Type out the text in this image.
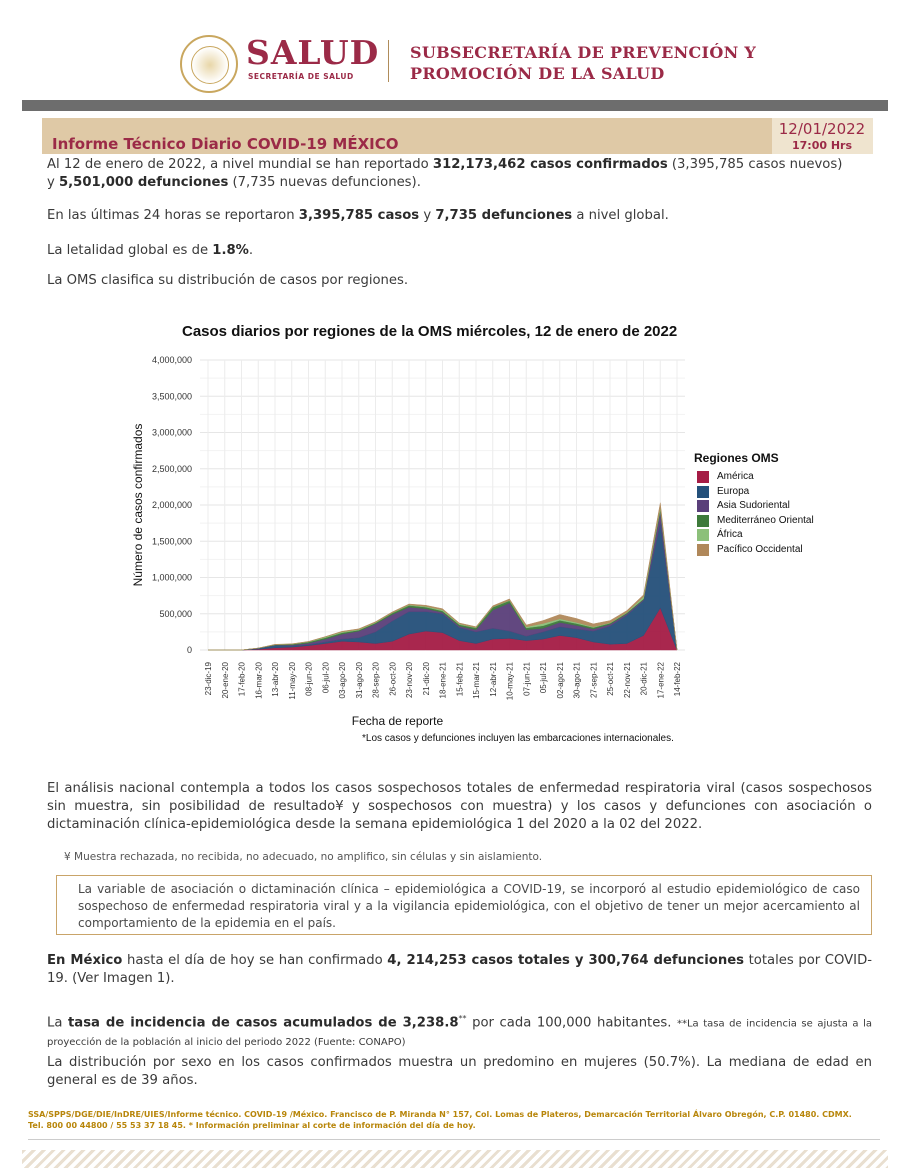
SALUD
SECRETARÍA DE SALUD
SUBSECRETARÍA DE PREVENCIÓN Y
PROMOCIÓN DE LA SALUD
Informe Técnico Diario COVID-19 MÉXICO
12/01/2022
17:00 Hrs
Al 12 de enero de 2022, a nivel mundial se han reportado 312,173,462 casos confirmados (3,395,785 casos nuevos)
y 5,501,000 defunciones (7,735 nuevas defunciones).
En las últimas 24 horas se reportaron 3,395,785 casos y 7,735 defunciones a nivel global.
La letalidad global es de 1.8%.
La OMS clasifica su distribución de casos por regiones.
Casos diarios por regiones de la OMS miércoles, 12 de enero de 2022
0
500,000
1,000,000
1,500,000
2,000,000
2,500,000
3,000,000
3,500,000
4,000,000
23-dic-19 20-ene-20 17-feb-20 16-mar-20 13-abr-20 11-may-20 08-jun-20 06-jul-20 03-ago-20 31-ago-20 28-sep-20 26-oct-20 23-nov-20 21-dic-20 18-ene-21 15-feb-21 15-mar-21 12-abr-21 10-may-21 07-jun-21 05-jul-21 02-ago-21 30-ago-21 27-sep-21 25-oct-21 22-nov-21 20-dic-21 17-ene-22 14-feb-22
Número de casos confirmados
Fecha de reporte
Regiones OMS
América
Europa
Asia Sudoriental
Mediterráneo Oriental
África
Pacífico Occidental
*Los casos y defunciones incluyen las embarcaciones internacionales.
El análisis nacional contempla a todos los casos sospechosos totales de enfermedad respiratoria viral (casos sospechosos sin muestra, sin posibilidad de resultado¥ y sospechosos con muestra) y los casos y defunciones con asociación o dictaminación clínica-epidemiológica desde la semana epidemiológica 1 del 2020 a la 02 del 2022.
¥ Muestra rechazada, no recibida, no adecuado, no amplifico, sin células y sin aislamiento.
La variable de asociación o dictaminación clínica – epidemiológica a COVID-19, se incorporó al estudio epidemiológico de caso sospechoso de enfermedad respiratoria viral y a la vigilancia epidemiológica, con el objetivo de tener un mejor acercamiento al comportamiento de la epidemia en el país.
En México hasta el día de hoy se han confirmado 4, 214,253 casos totales y 300,764 defunciones totales por COVID-19. (Ver Imagen 1).
La tasa de incidencia de casos acumulados de 3,238.8** por cada 100,000 habitantes. **La tasa de incidencia se ajusta a la proyección de la población al inicio del periodo 2022 (Fuente: CONAPO)
La distribución por sexo en los casos confirmados muestra un predomino en mujeres (50.7%). La mediana de edad en general es de 39 años.
SSA/SPPS/DGE/DIE/InDRE/UIES/Informe técnico. COVID-19 /México. Francisco de P. Miranda N° 157, Col. Lomas de Plateros, Demarcación Territorial Álvaro Obregón, C.P. 01480. CDMX.
Tel. 800 00 44800 / 55 53 37 18 45. * Información preliminar al corte de información del día de hoy.
